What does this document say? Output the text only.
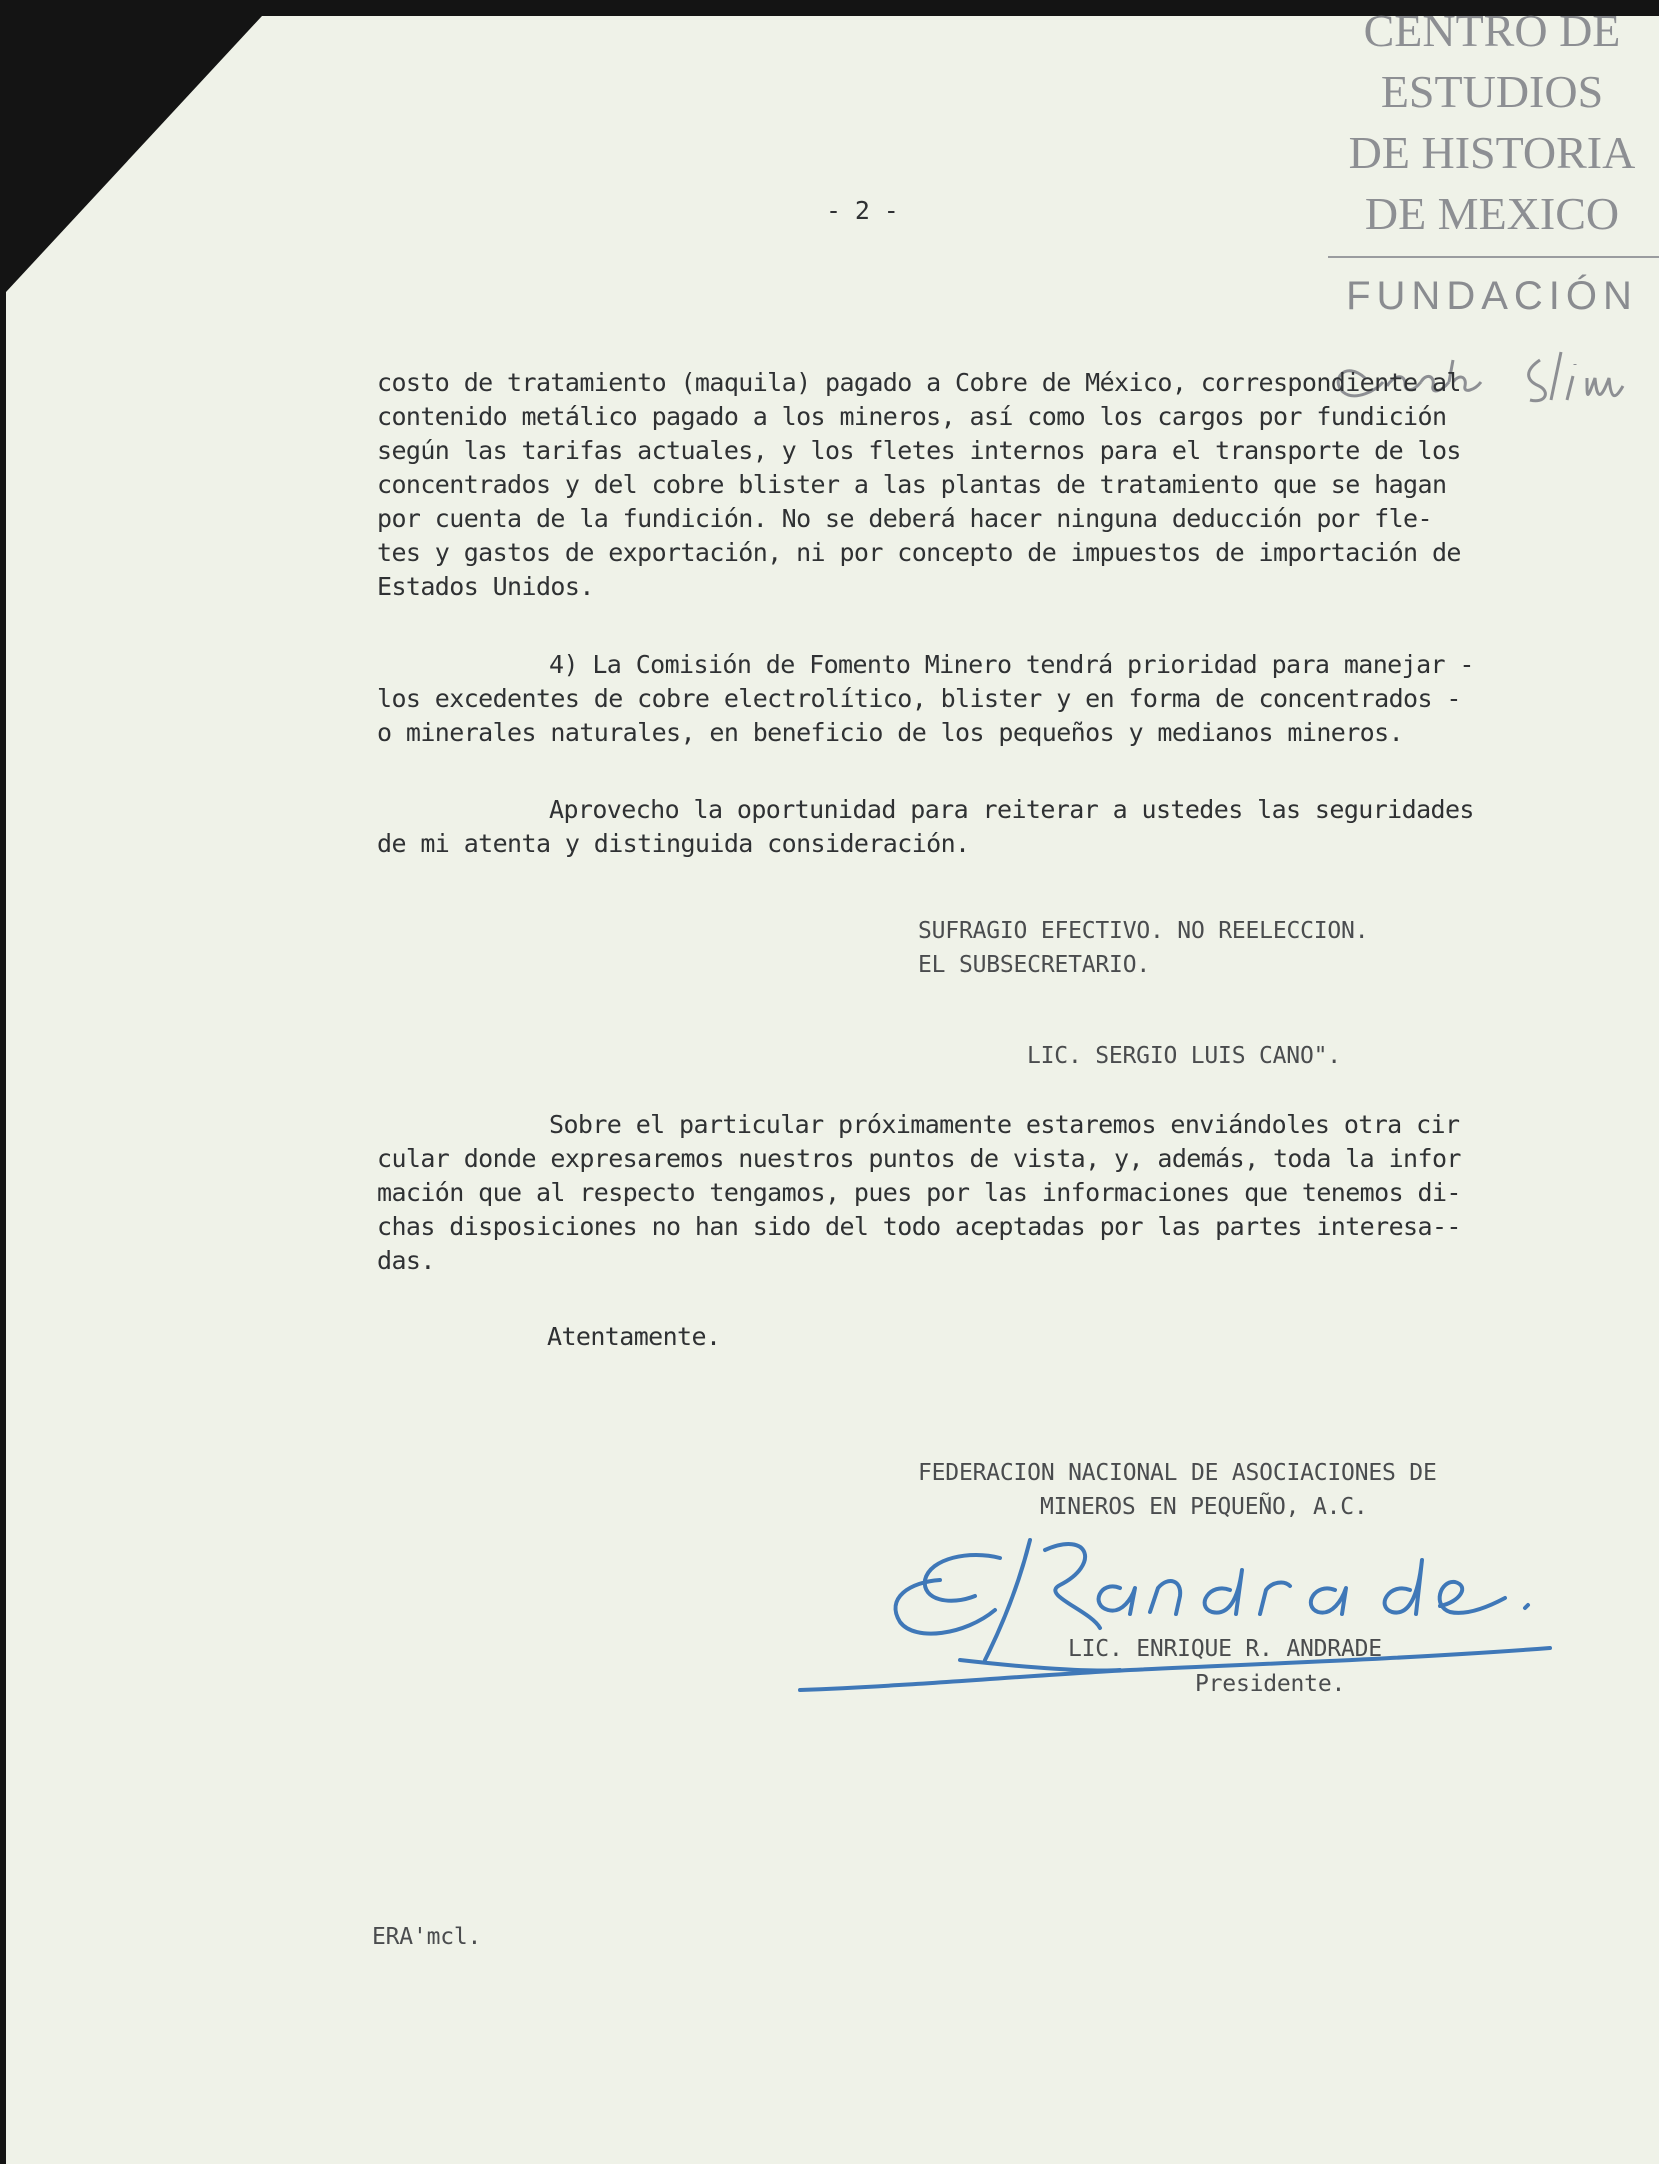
CENTRO DE
ESTUDIOS
DE HISTORIA
DE MEXICO
FUNDACIÓN
- 2 -

costo de tratamiento (maquila) pagado a Cobre de México, correspondiente al

contenido metálico pagado a los mineros, así como los cargos por fundición

según las tarifas actuales, y los fletes internos para el transporte de los

concentrados y del cobre blister a las plantas de tratamiento que se hagan

por cuenta de la fundición. No se deberá hacer ninguna deducción por fle-

tes y gastos de exportación, ni por concepto de impuestos de importación de

Estados Unidos.

4) La Comisión de Fomento Minero tendrá prioridad para manejar -

los excedentes de cobre electrolítico, blister y en forma de concentrados -

o minerales naturales, en beneficio de los pequeños y medianos mineros.

Aprovecho la oportunidad para reiterar a ustedes las seguridades

de mi atenta y distinguida consideración.

SUFRAGIO EFECTIVO. NO REELECCION.

EL SUBSECRETARIO.

LIC. SERGIO LUIS CANO".

Sobre el particular próximamente estaremos enviándoles otra cir

cular donde expresaremos nuestros puntos de vista, y, además, toda la infor

mación que al respecto tengamos, pues por las informaciones que tenemos di-

chas disposiciones no han sido del todo aceptadas por las partes interesa--

das.

Atentamente.

FEDERACION NACIONAL DE ASOCIACIONES DE

MINEROS EN PEQUEÑO, A.C.

LIC. ENRIQUE R. ANDRADE
Presidente.
ERA'mcl.
